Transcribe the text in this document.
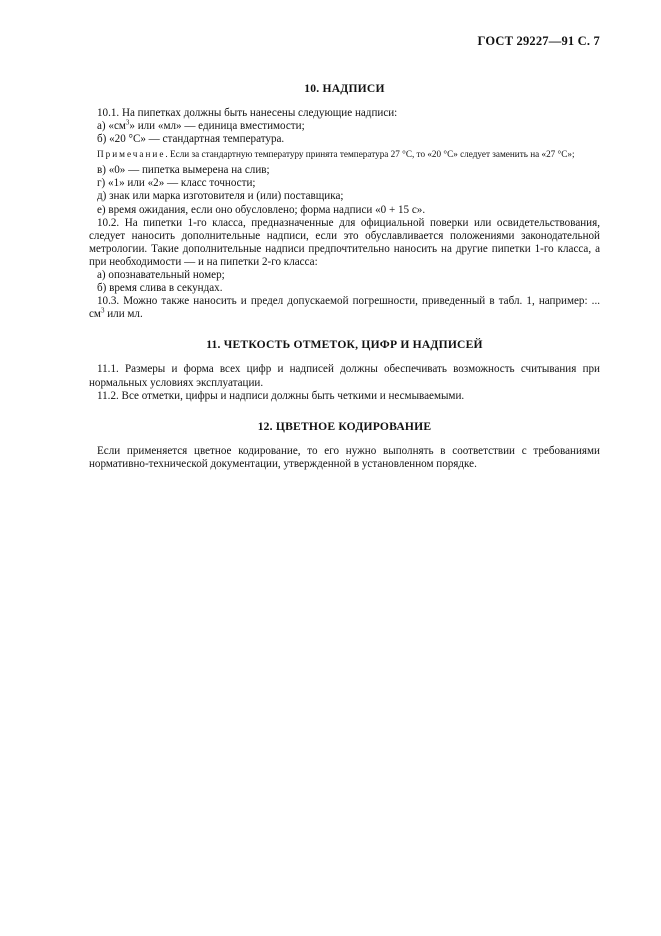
ГОСТ 29227—91 С. 7
10. НАДПИСИ

10.1. На пипетках должны быть нанесены следующие надписи:

а) «$см^3$» или «мл» — единица вместимости;

б) «20 °С» — стандартная температура.

Примечание. Если за стандартную температуру принята температура 27 °С, то «20 °С» следует заменить на «27 °С»;

в) «0» — пипетка вымерена на слив;

г) «1» или «2» — класс точности;

д) знак или марка изготовителя и (или) поставщика;

е) время ожидания, если оно обусловлено; форма надписи «0 + 15 с».

10.2. На пипетки 1-го класса, предназначенные для официальной поверки или освидетельствования, следует наносить дополнительные надписи, если это обуславливается положениями законодательной метрологии. Такие дополнительные надписи предпочтительно наносить на другие пипетки 1-го класса, а при необходимости — и на пипетки 2-го класса:

а) опознавательный номер;

б) время слива в секундах.

10.3. Можно также наносить и предел допускаемой погрешности, приведенный в табл. 1, например: ... $см^3$ или мл.

11. ЧЕТКОСТЬ ОТМЕТОК, ЦИФР И НАДПИСЕЙ

11.1. Размеры и форма всех цифр и надписей должны обеспечивать возможность считывания при нормальных условиях эксплуатации.

11.2. Все отметки, цифры и надписи должны быть четкими и несмываемыми.

12. ЦВЕТНОЕ КОДИРОВАНИЕ

Если применяется цветное кодирование, то его нужно выполнять в соответствии с требованиями нормативно-технической документации, утвержденной в установленном порядке.
